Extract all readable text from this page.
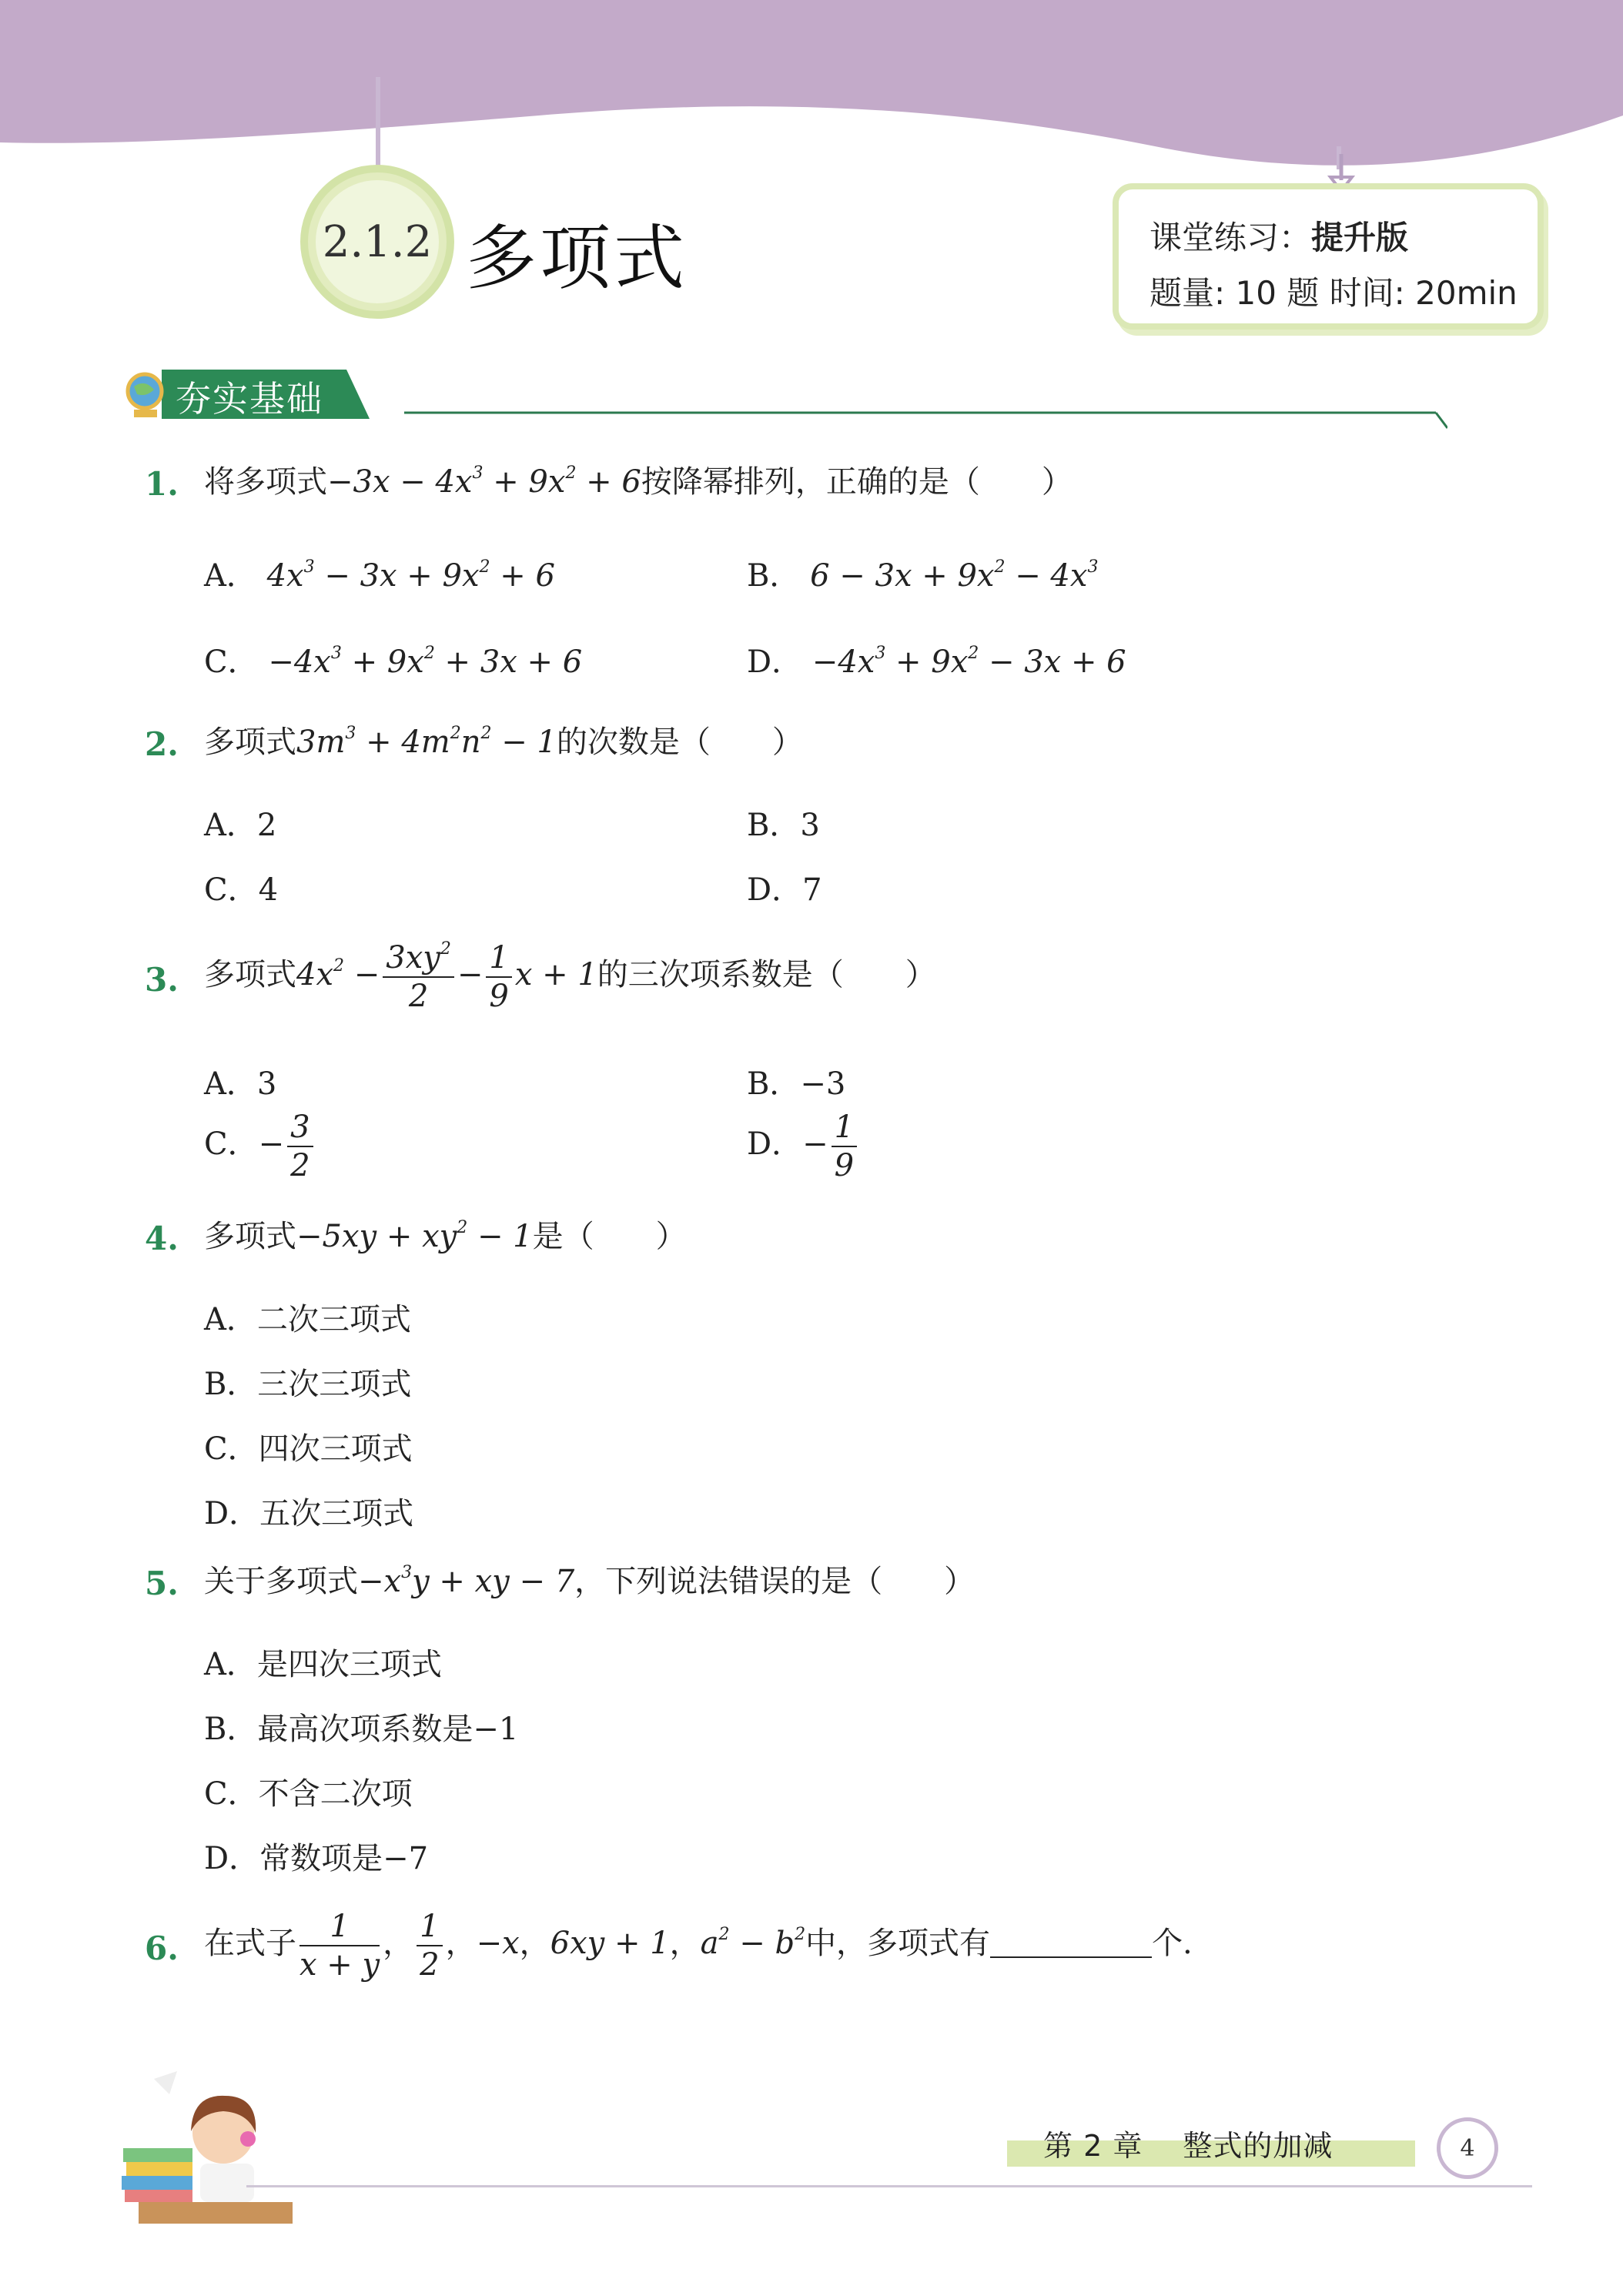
2.1.2 多项式	课堂练习：提升版
题量: 10 题 时间: 20min
夯实基础
1. 将多项式$-3x - 4x^3 + 9x^2 + 6$按降幂排列，正确的是（　　）
A． $4x^3 - 3x + 9x^2 + 6$	B． $6 - 3x + 9x^2 - 4x^3$
C． $-4x^3 + 9x^2 + 3x + 6$	D． $-4x^3 + 9x^2 - 3x + 6$
2. 多项式$3m^3 + 4m^2n^2 - 1$的次数是（　　）
A．2	B．3
C．4	D．7
3. 多项式$4x^2 - \frac{3xy^2}{2} - \frac{1}{9}$ x + 1的三次项系数是（　　）
A．3	B．−3
C．− $\frac{3}{2}$	D．− $\frac{1}{9}$
4. 多项式$-5xy + xy^2 - 1$是（　　）
A．二次三项式
B．三次三项式
C．四次三项式
D．五次三项式
5. 关于多项式$-x^3y$ + xy − 7，下列说法错误的是（　　）
A．是四次三项式
B．最高次项系数是−1
C．不含二次项
D．常数项是−7
6. 在式子 $\frac{1}{x + y}$ ， $\frac{1}{2}$ ，−x，6xy + 1，$a^2 - b^2$中，多项式有	个.
第 2 章　 整式的加减	4
